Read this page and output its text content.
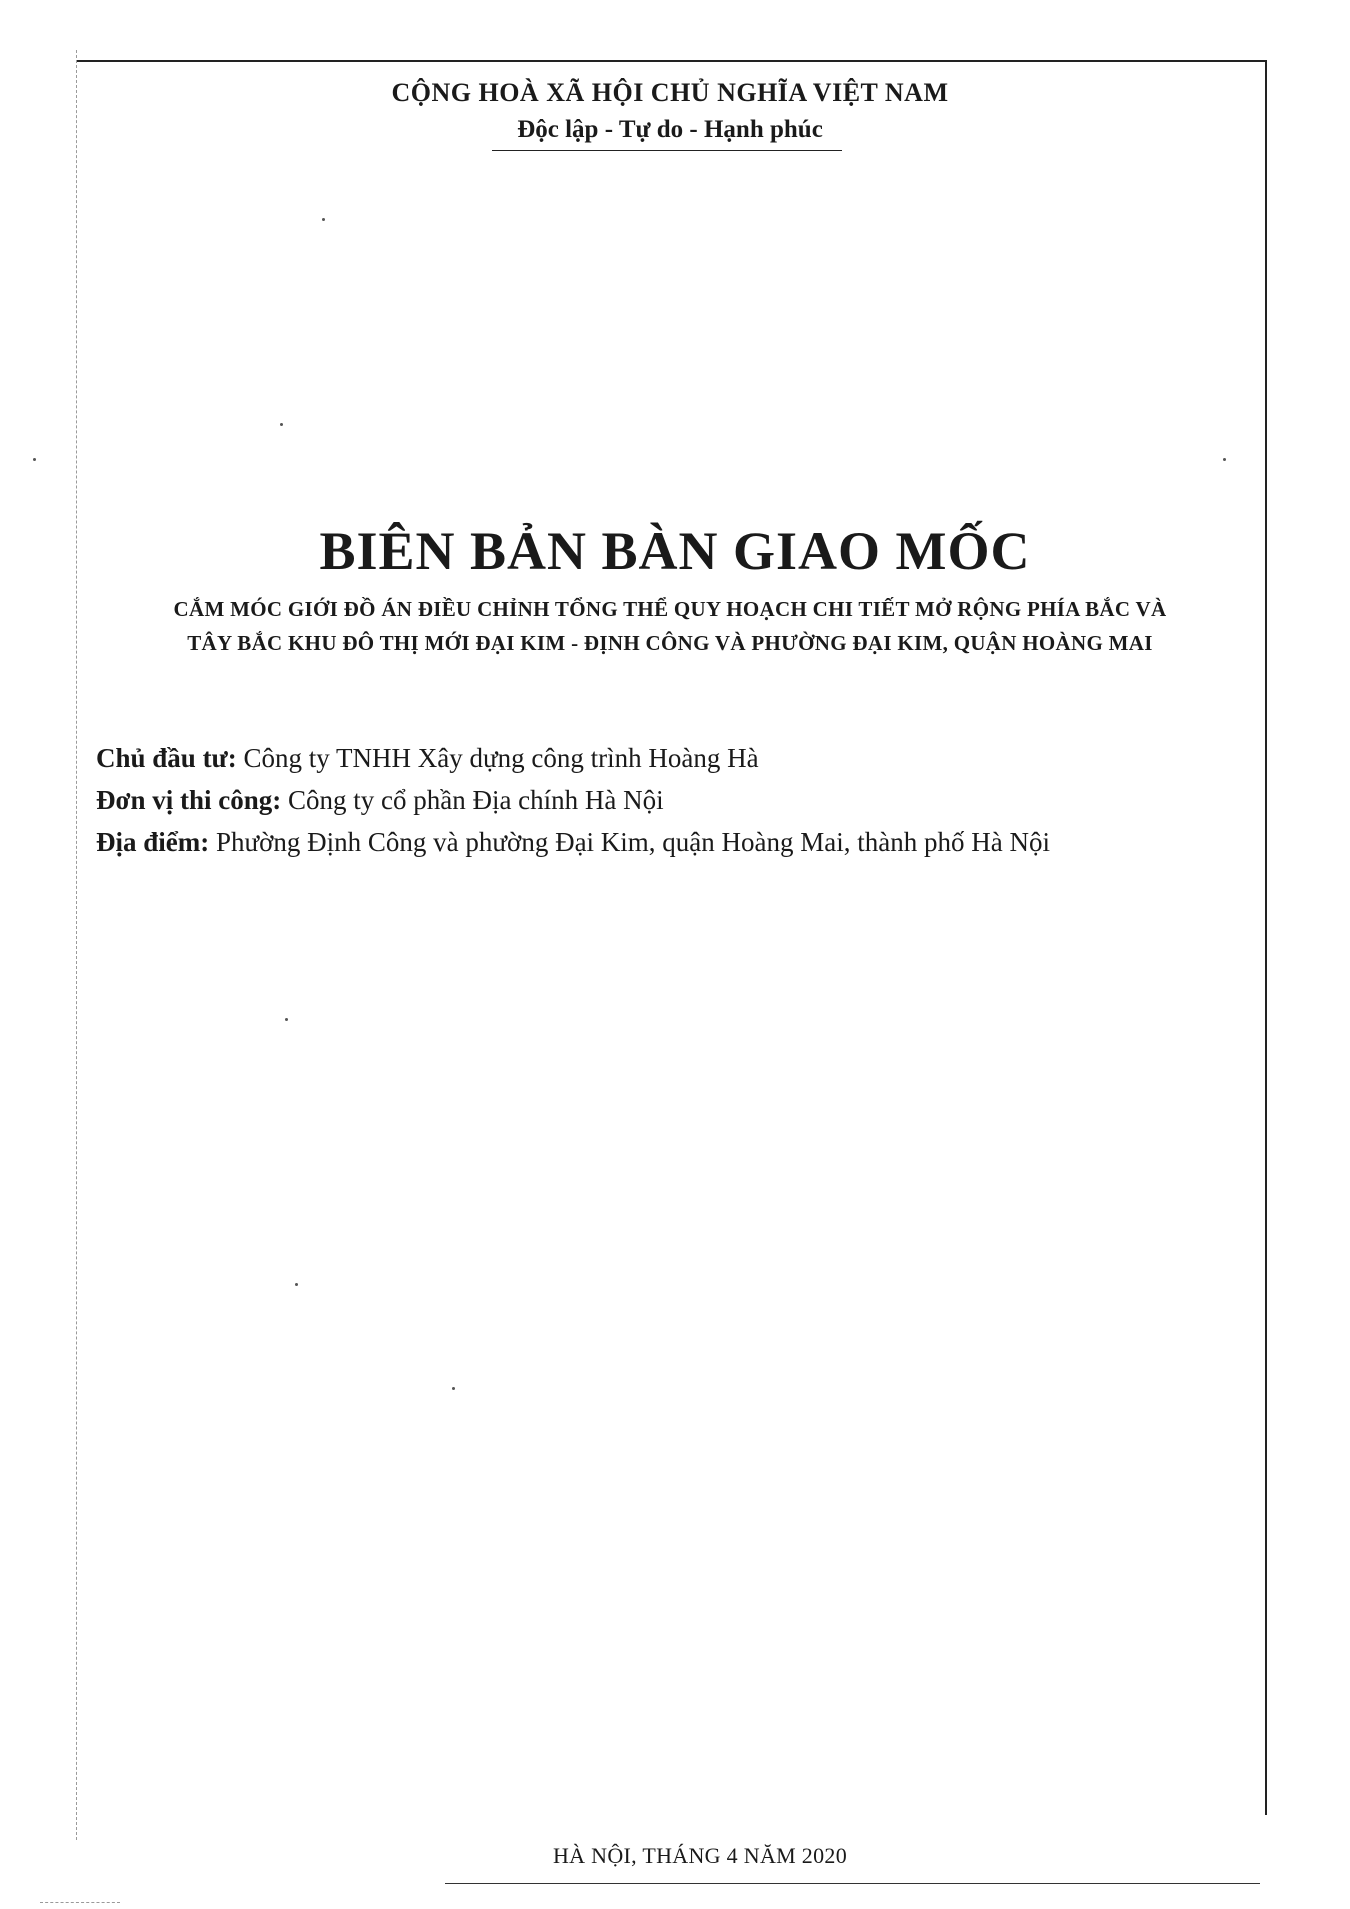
CỘNG HOÀ XÃ HỘI CHỦ NGHĨA VIỆT NAM
Độc lập - Tự do - Hạnh phúc
BIÊN BẢN BÀN GIAO MỐC
CẮM MÓC GIỚI ĐỒ ÁN ĐIỀU CHỈNH TỔNG THỂ QUY HOẠCH CHI TIẾT MỞ RỘNG PHÍA BẮC VÀ
TÂY BẮC KHU ĐÔ THỊ MỚI ĐẠI KIM - ĐỊNH CÔNG VÀ PHƯỜNG ĐẠI KIM, QUẬN HOÀNG MAI
Chủ đầu tư: Công ty TNHH Xây dựng công trình Hoàng Hà
Đơn vị thi công: Công ty cổ phần Địa chính Hà Nội
Địa điểm: Phường Định Công và phường Đại Kim, quận Hoàng Mai, thành phố Hà Nội
HÀ NỘI, THÁNG 4 NĂM 2020
